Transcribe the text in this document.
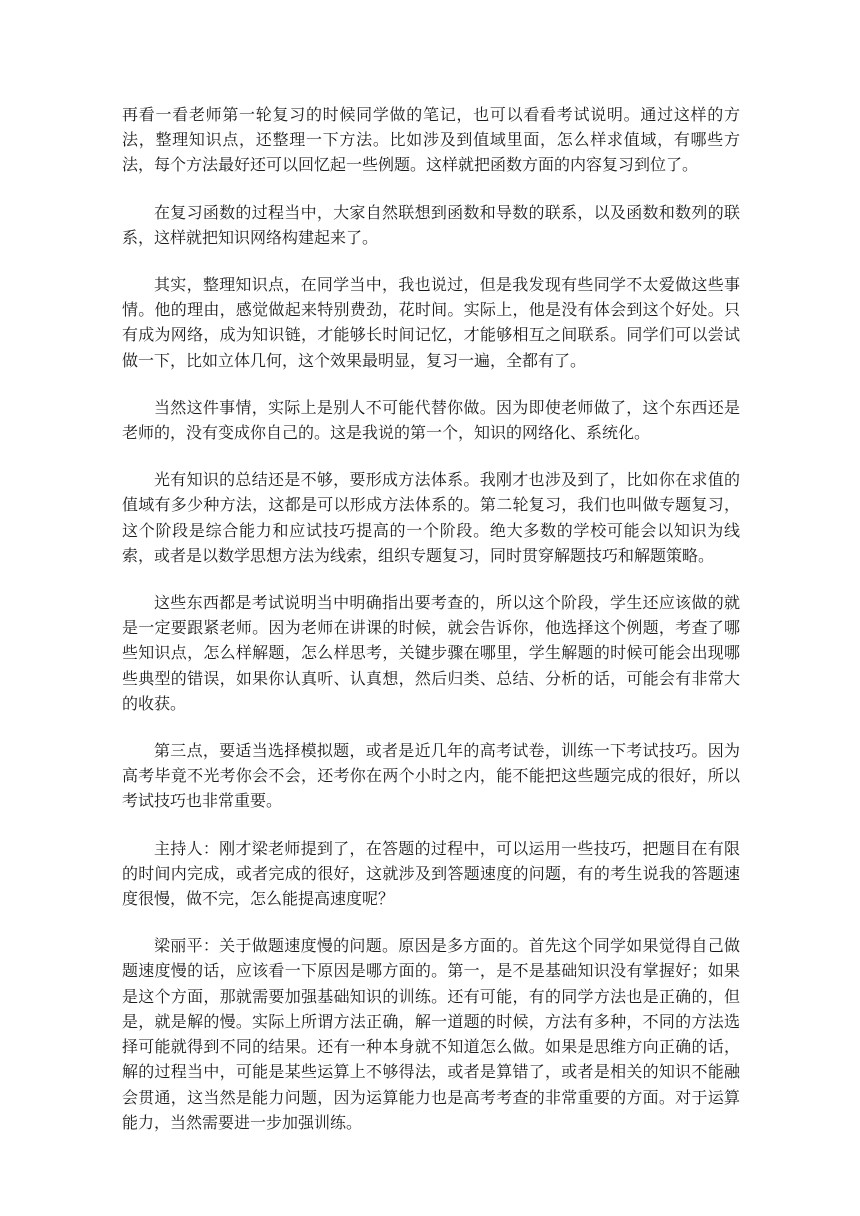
再看一看老师第一轮复习的时候同学做的笔记，也可以看看考试说明。通过这样的方法，整理知识点，还整理一下方法。比如涉及到值域里面，怎么样求值域，有哪些方法，每个方法最好还可以回忆起一些例题。这样就把函数方面的内容复习到位了。

在复习函数的过程当中，大家自然联想到函数和导数的联系，以及函数和数列的联系，这样就把知识网络构建起来了。

其实，整理知识点，在同学当中，我也说过，但是我发现有些同学不太爱做这些事情。他的理由，感觉做起来特别费劲，花时间。实际上，他是没有体会到这个好处。只有成为网络，成为知识链，才能够长时间记忆，才能够相互之间联系。同学们可以尝试做一下，比如立体几何，这个效果最明显，复习一遍，全都有了。

当然这件事情，实际上是别人不可能代替你做。因为即使老师做了，这个东西还是老师的，没有变成你自己的。这是我说的第一个，知识的网络化、系统化。

光有知识的总结还是不够，要形成方法体系。我刚才也涉及到了，比如你在求值的值域有多少种方法，这都是可以形成方法体系的。第二轮复习，我们也叫做专题复习，这个阶段是综合能力和应试技巧提高的一个阶段。绝大多数的学校可能会以知识为线索，或者是以数学思想方法为线索，组织专题复习，同时贯穿解题技巧和解题策略。

这些东西都是考试说明当中明确指出要考查的，所以这个阶段，学生还应该做的就是一定要跟紧老师。因为老师在讲课的时候，就会告诉你，他选择这个例题，考查了哪些知识点，怎么样解题，怎么样思考，关键步骤在哪里，学生解题的时候可能会出现哪些典型的错误，如果你认真听、认真想，然后归类、总结、分析的话，可能会有非常大的收获。

第三点，要适当选择模拟题，或者是近几年的高考试卷，训练一下考试技巧。因为高考毕竟不光考你会不会，还考你在两个小时之内，能不能把这些题完成的很好，所以考试技巧也非常重要。

主持人：刚才梁老师提到了，在答题的过程中，可以运用一些技巧，把题目在有限的时间内完成，或者完成的很好，这就涉及到答题速度的问题，有的考生说我的答题速度很慢，做不完，怎么能提高速度呢？

梁丽平：关于做题速度慢的问题。原因是多方面的。首先这个同学如果觉得自己做题速度慢的话，应该看一下原因是哪方面的。第一，是不是基础知识没有掌握好；如果是这个方面，那就需要加强基础知识的训练。还有可能，有的同学方法也是正确的，但是，就是解的慢。实际上所谓方法正确，解一道题的时候，方法有多种，不同的方法选择可能就得到不同的结果。还有一种本身就不知道怎么做。如果是思维方向正确的话，解的过程当中，可能是某些运算上不够得法，或者是算错了，或者是相关的知识不能融会贯通，这当然是能力问题，因为运算能力也是高考考查的非常重要的方面。对于运算能力，当然需要进一步加强训练。
